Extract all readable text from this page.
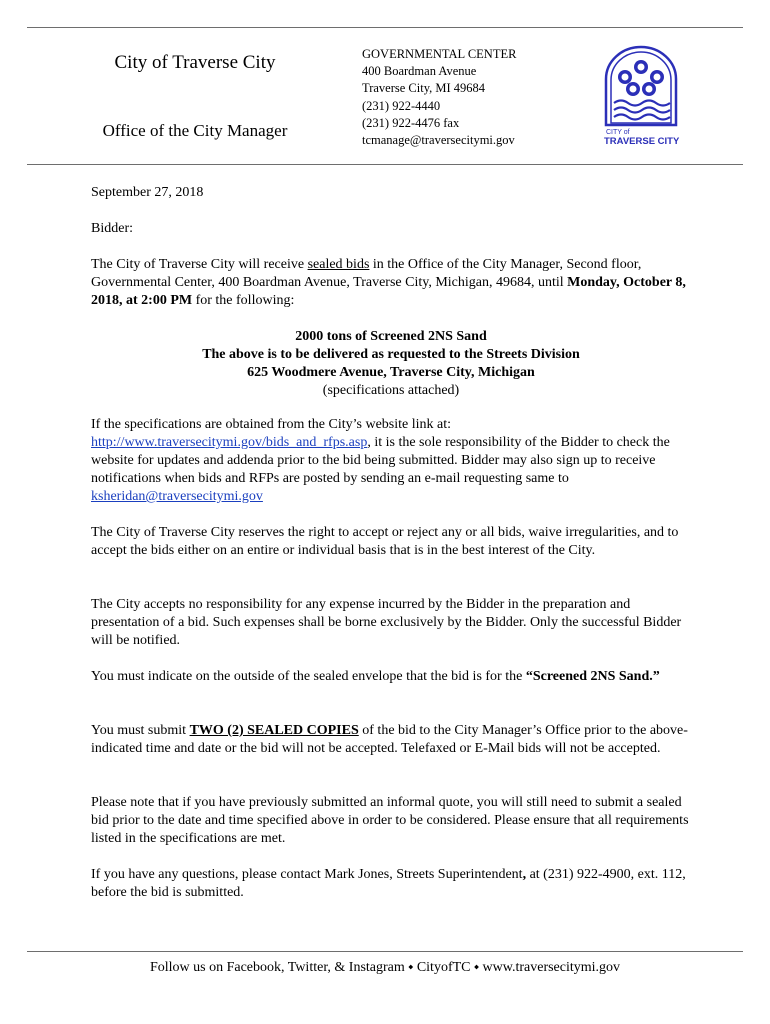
City of Traverse City
Office of the City Manager
GOVERNMENTAL CENTER
400 Boardman Avenue
Traverse City, MI 49684
(231) 922-4440
(231) 922-4476 fax
tcmanage@traversecitymi.gov
CITY of
TRAVERSE CITY
September 27, 2018
Bidder:

The City of Traverse City will receive sealed bids in the Office of the City Manager, Second floor, Governmental Center, 400 Boardman Avenue, Traverse City, Michigan, 49684, until Monday, October 8, 2018, at 2:00 PM for the following:

2000 tons of Screened 2NS Sand
The above is to be delivered as requested to the Streets Division
625 Woodmere Avenue, Traverse City, Michigan
(specifications attached)

If the specifications are obtained from the City’s website link at: http://www.traversecitymi.gov/bids_and_rfps.asp, it is the sole responsibility of the Bidder to check the website for updates and addenda prior to the bid being submitted. Bidder may also sign up to receive notifications when bids and RFPs are posted by sending an e-mail requesting same to ksheridan@traversecitymi.gov

The City of Traverse City reserves the right to accept or reject any or all bids, waive irregularities, and to accept the bids either on an entire or individual basis that is in the best interest of the City.
The City accepts no responsibility for any expense incurred by the Bidder in the preparation and presentation of a bid. Such expenses shall be borne exclusively by the Bidder. Only the successful Bidder will be notified.

You must indicate on the outside of the sealed envelope that the bid is for the “Screened 2NS Sand.”

You must submit TWO (2) SEALED COPIES of the bid to the City Manager’s Office prior to the above-indicated time and date or the bid will not be accepted. Telefaxed or E-Mail bids will not be accepted.

Please note that if you have previously submitted an informal quote, you will still need to submit a sealed bid prior to the date and time specified above in order to be considered. Please ensure that all requirements listed in the specifications are met.

If you have any questions, please contact Mark Jones, Streets Superintendent, at (231) 922-4900, ext. 112, before the bid is submitted.

Follow us on Facebook, Twitter, & Instagram ⬩ CityofTC ⬩ www.traversecitymi.gov
